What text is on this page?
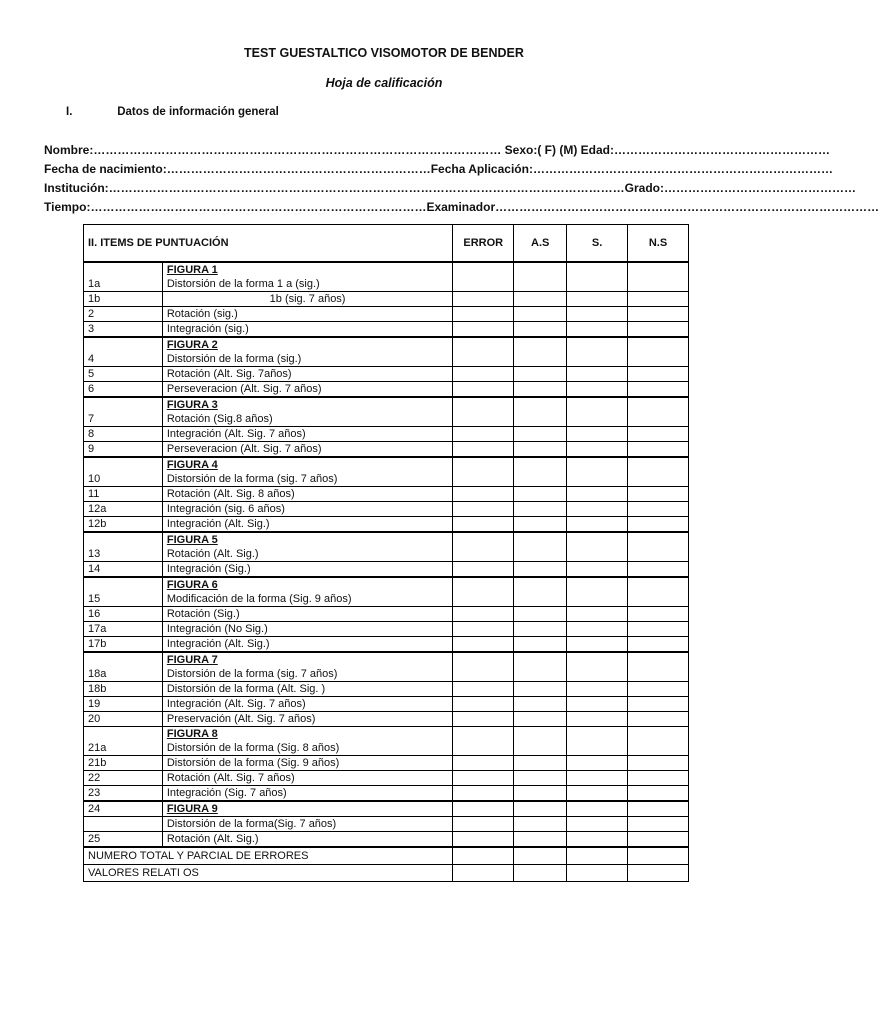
TEST GUESTALTICO VISOMOTOR DE BENDER
Hoja de calificación
I.	Datos de información general
Nombre:………………………………………………………………………………………… Sexo:( F) (M) Edad:………………………………………………
Fecha de nacimiento:…………………………………………………………Fecha Aplicación:…………………………………………………………………
Institución:…………………………………………………………………………………………………………………Grado:…………………………………………
Tiempo:…………………………………………………………………………Examinador……………………………………………………………………………………
II. ITEMS DE PUNTUACIÓN		ERROR	A.S	S.	N.S
1a	FIGURA 1
Distorsión de la forma 1 a (sig.)				
1b	1b (sig. 7 años)				
2	Rotación (sig.)				
3	Integración (sig.)				
4	FIGURA 2
Distorsión de la forma (sig.)				
5	Rotación (Alt. Sig. 7años)				
6	Perseveracion (Alt. Sig. 7 años)				
7	FIGURA 3
Rotación (Sig.8 años)				
8	Integración (Alt. Sig. 7 años)				
9	Perseveracion (Alt. Sig. 7 años)				
10	FIGURA 4
Distorsión de la forma (sig. 7 años)				
11	Rotación (Alt. Sig. 8 años)				
12a	Integración (sig. 6 años)				
12b	Integración (Alt. Sig.)				
13	FIGURA 5
Rotación (Alt. Sig.)				
14	Integración (Sig.)				
15	FIGURA 6
Modificación de la forma (Sig. 9 años)				
16	Rotación (Sig.)				
17a	Integración (No Sig.)				
17b	Integración (Alt. Sig.)				
18a	FIGURA 7
Distorsión de la forma (sig. 7 años)				
18b	Distorsión de la forma (Alt. Sig. )				
19	Integración (Alt. Sig. 7 años)				
20	Preservación (Alt. Sig. 7 años)				
21a	FIGURA 8
Distorsión de la forma (Sig. 8 años)				
21b	Distorsión de la forma (Sig. 9 años)				
22	Rotación (Alt. Sig. 7 años)				
23	Integración (Sig. 7 años)				
24	FIGURA 9				

	Distorsión de la forma(Sig. 7 años)				
25	Rotación (Alt. Sig.)				
NUMERO TOTAL Y PARCIAL DE ERRORES					
VALORES RELATI OS					
